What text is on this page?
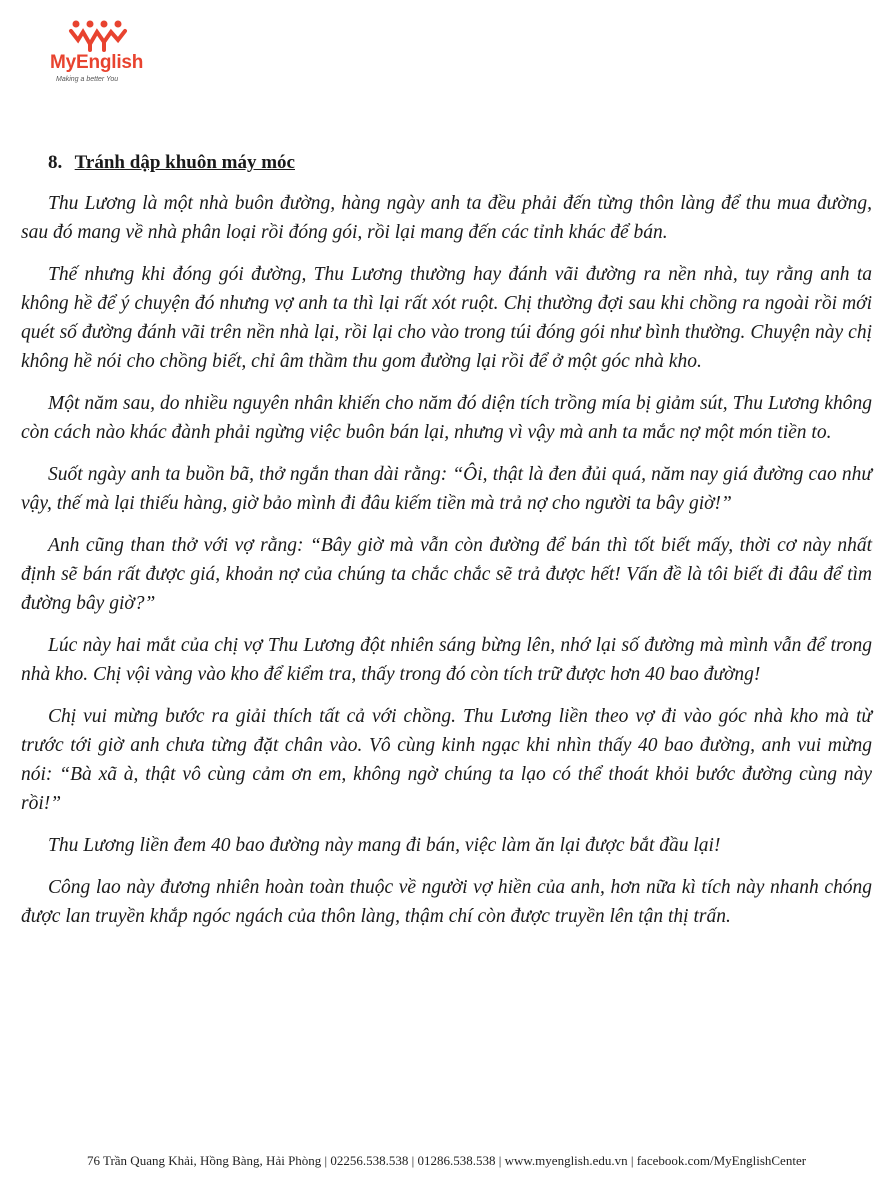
MyEnglish
Making a better You
8. Tránh dập khuôn máy móc

Thu Lương là một nhà buôn đường, hàng ngày anh ta đều phải đến từng thôn làng để thu mua đường, sau đó mang về nhà phân loại rồi đóng gói, rồi lại mang đến các tỉnh khác để bán.

Thế nhưng khi đóng gói đường, Thu Lương thường hay đánh vãi đường ra nền nhà, tuy rằng anh ta không hề để ý chuyện đó nhưng vợ anh ta thì lại rất xót ruột. Chị thường đợi sau khi chồng ra ngoài rồi mới quét số đường đánh vãi trên nền nhà lại, rồi lại cho vào trong túi đóng gói như bình thường. Chuyện này chị không hề nói cho chồng biết, chỉ âm thầm thu gom đường lại rồi để ở một góc nhà kho.

Một năm sau, do nhiều nguyên nhân khiến cho năm đó diện tích trồng mía bị giảm sút, Thu Lương không còn cách nào khác đành phải ngừng việc buôn bán lại, nhưng vì vậy mà anh ta mắc nợ một món tiền to.

Suốt ngày anh ta buồn bã, thở ngắn than dài rằng: “Ôi, thật là đen đủi quá, năm nay giá đường cao như vậy, thế mà lại thiếu hàng, giờ bảo mình đi đâu kiếm tiền mà trả nợ cho người ta bây giờ!”

Anh cũng than thở với vợ rằng: “Bây giờ mà vẫn còn đường để bán thì tốt biết mấy, thời cơ này nhất định sẽ bán rất được giá, khoản nợ của chúng ta chắc chắc sẽ trả được hết! Vấn đề là tôi biết đi đâu để tìm đường bây giờ?”

Lúc này hai mắt của chị vợ Thu Lương đột nhiên sáng bừng lên, nhớ lại số đường mà mình vẫn để trong nhà kho. Chị vội vàng vào kho để kiểm tra, thấy trong đó còn tích trữ được hơn 40 bao đường!

Chị vui mừng bước ra giải thích tất cả với chồng. Thu Lương liền theo vợ đi vào góc nhà kho mà từ trước tới giờ anh chưa từng đặt chân vào. Vô cùng kinh ngạc khi nhìn thấy 40 bao đường, anh vui mừng nói: “Bà xã à, thật vô cùng cảm ơn em, không ngờ chúng ta lạo có thể thoát khỏi bước đường cùng này rồi!”

Thu Lương liền đem 40 bao đường này mang đi bán, việc làm ăn lại được bắt đầu lại!

Công lao này đương nhiên hoàn toàn thuộc về người vợ hiền của anh, hơn nữa kì tích này nhanh chóng được lan truyền khắp ngóc ngách của thôn làng, thậm chí còn được truyền lên tận thị trấn.

76 Trần Quang Khải, Hồng Bàng, Hải Phòng | 02256.538.538 | 01286.538.538 | www.myenglish.edu.vn | facebook.com/MyEnglishCenter
